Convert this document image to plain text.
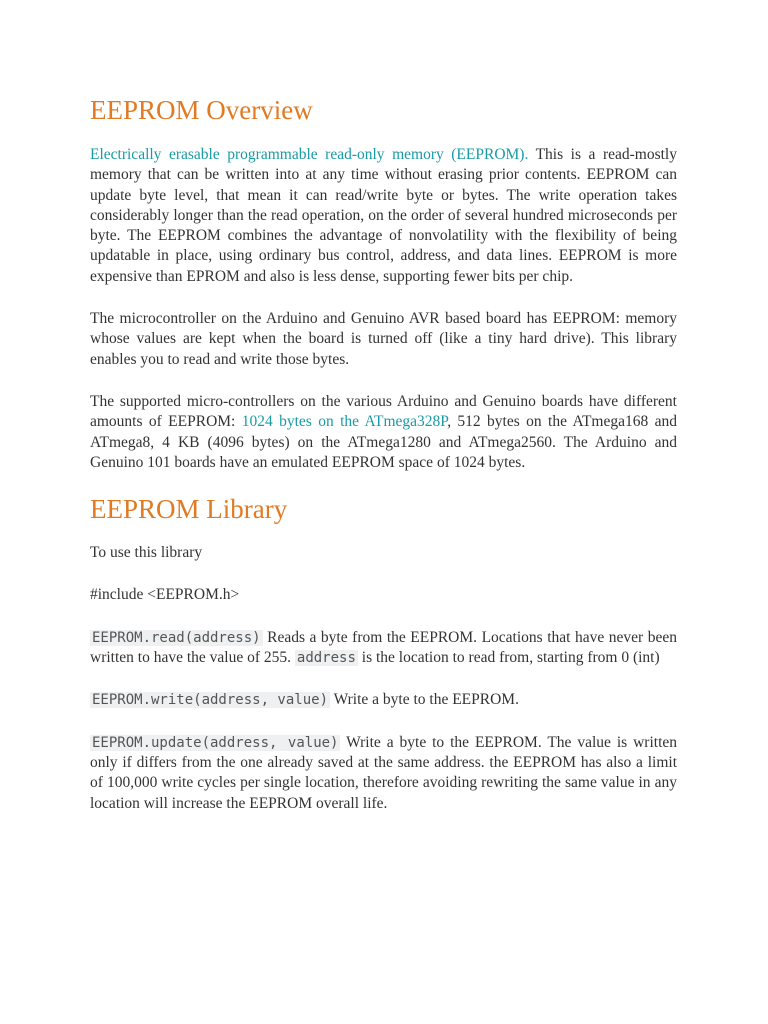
EEPROM Overview

Electrically erasable programmable read-only memory (EEPROM). This is a read-mostly memory that can be written into at any time without erasing prior contents. EEPROM can update byte level, that mean it can read/write byte or bytes. The write operation takes considerably longer than the read operation, on the order of several hundred microseconds per byte. The EEPROM combines the advantage of nonvolatility with the flexibility of being updatable in place, using ordinary bus control, address, and data lines. EEPROM is more expensive than EPROM and also is less dense, supporting fewer bits per chip.

The microcontroller on the Arduino and Genuino AVR based board has EEPROM: memory whose values are kept when the board is turned off (like a tiny hard drive). This library enables you to read and write those bytes.

The supported micro-controllers on the various Arduino and Genuino boards have different amounts of EEPROM: 1024 bytes on the ATmega328P, 512 bytes on the ATmega168 and ATmega8, 4 KB (4096 bytes) on the ATmega1280 and ATmega2560. The Arduino and Genuino 101 boards have an emulated EEPROM space of 1024 bytes.

EEPROM Library

To use this library

#include <EEPROM.h>

EEPROM.read(address) Reads a byte from the EEPROM. Locations that have never been written to have the value of 255. address is the location to read from, starting from 0 (int)

EEPROM.write(address, value) Write a byte to the EEPROM.

EEPROM.update(address, value) Write a byte to the EEPROM. The value is written only if differs from the one already saved at the same address. the EEPROM has also a limit of 100,000 write cycles per single location, therefore avoiding rewriting the same value in any location will increase the EEPROM overall life.
